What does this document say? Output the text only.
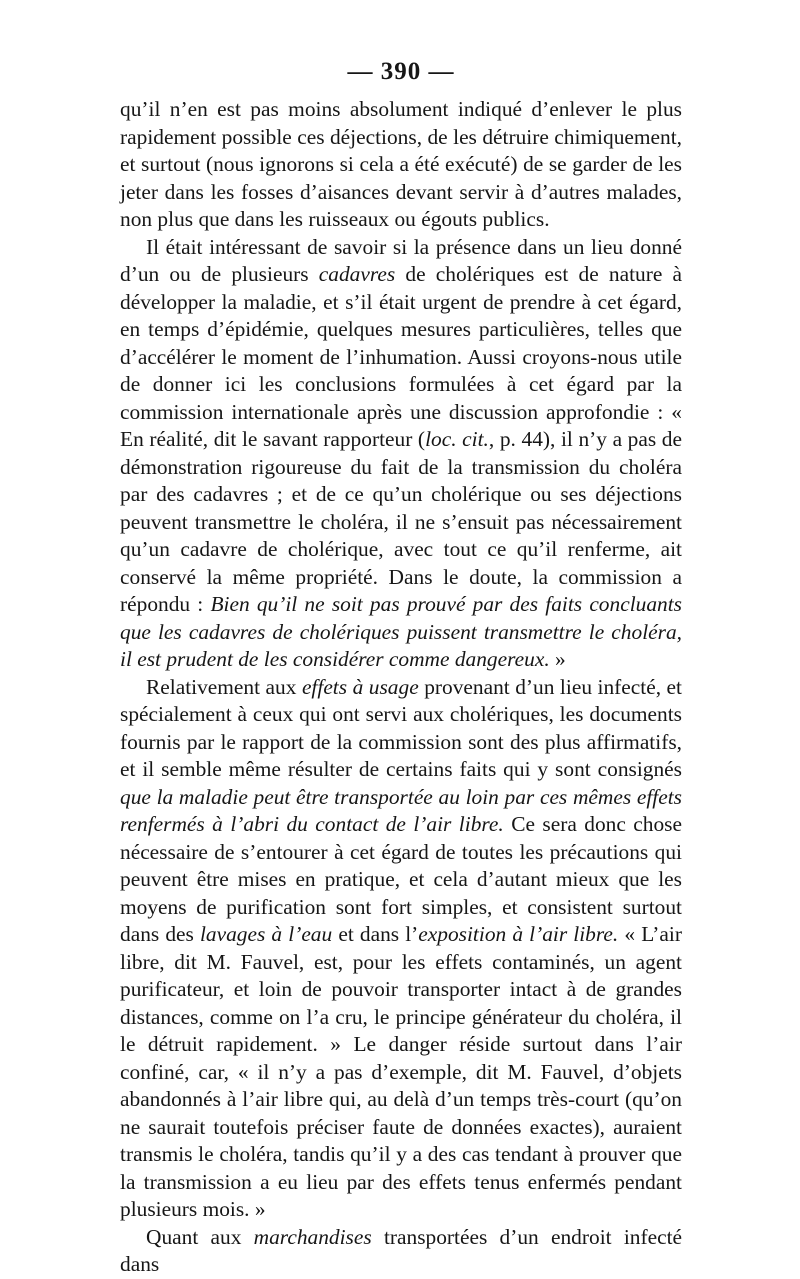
— 390 —

qu’il n’en est pas moins absolument indiqué d’enlever le plus rapidement possible ces déjections, de les détruire chimiquement, et surtout (nous ignorons si cela a été exécuté) de se garder de les jeter dans les fosses d’aisances devant servir à d’autres malades, non plus que dans les ruisseaux ou égouts publics.

Il était intéressant de savoir si la présence dans un lieu donné d’un ou de plusieurs cadavres de cholériques est de nature à développer la maladie, et s’il était urgent de prendre à cet égard, en temps d’épidémie, quelques mesures particulières, telles que d’accélérer le moment de l’inhumation. Aussi croyons-nous utile de donner ici les conclusions formulées à cet égard par la commission internationale après une discussion approfondie : « En réalité, dit le savant rapporteur (loc. cit., p. 44), il n’y a pas de démonstration rigoureuse du fait de la transmission du choléra par des cadavres ; et de ce qu’un cholérique ou ses déjections peuvent transmettre le choléra, il ne s’ensuit pas nécessairement qu’un cadavre de cholérique, avec tout ce qu’il renferme, ait conservé la même propriété. Dans le doute, la commission a répondu : Bien qu’il ne soit pas prouvé par des faits concluants que les cadavres de cholériques puissent transmettre le choléra, il est prudent de les considérer comme dangereux. »

Relativement aux effets à usage provenant d’un lieu infecté, et spécialement à ceux qui ont servi aux cholériques, les documents fournis par le rapport de la commission sont des plus affirmatifs, et il semble même résulter de certains faits qui y sont consignés que la maladie peut être transportée au loin par ces mêmes effets renfermés à l’abri du contact de l’air libre. Ce sera donc chose nécessaire de s’entourer à cet égard de toutes les précautions qui peuvent être mises en pratique, et cela d’autant mieux que les moyens de purification sont fort simples, et consistent surtout dans des lavages à l’eau et dans l’exposition à l’air libre. « L’air libre, dit M. Fauvel, est, pour les effets contaminés, un agent purificateur, et loin de pouvoir transporter intact à de grandes distances, comme on l’a cru, le principe générateur du choléra, il le détruit rapidement. » Le danger réside surtout dans l’air confiné, car, « il n’y a pas d’exemple, dit M. Fauvel, d’objets abandonnés à l’air libre qui, au delà d’un temps très-court (qu’on ne saurait toutefois préciser faute de données exactes), auraient transmis le choléra, tandis qu’il y a des cas tendant à prouver que la transmission a eu lieu par des effets tenus enfermés pendant plusieurs mois. »

Quant aux marchandises transportées d’un endroit infecté dans
